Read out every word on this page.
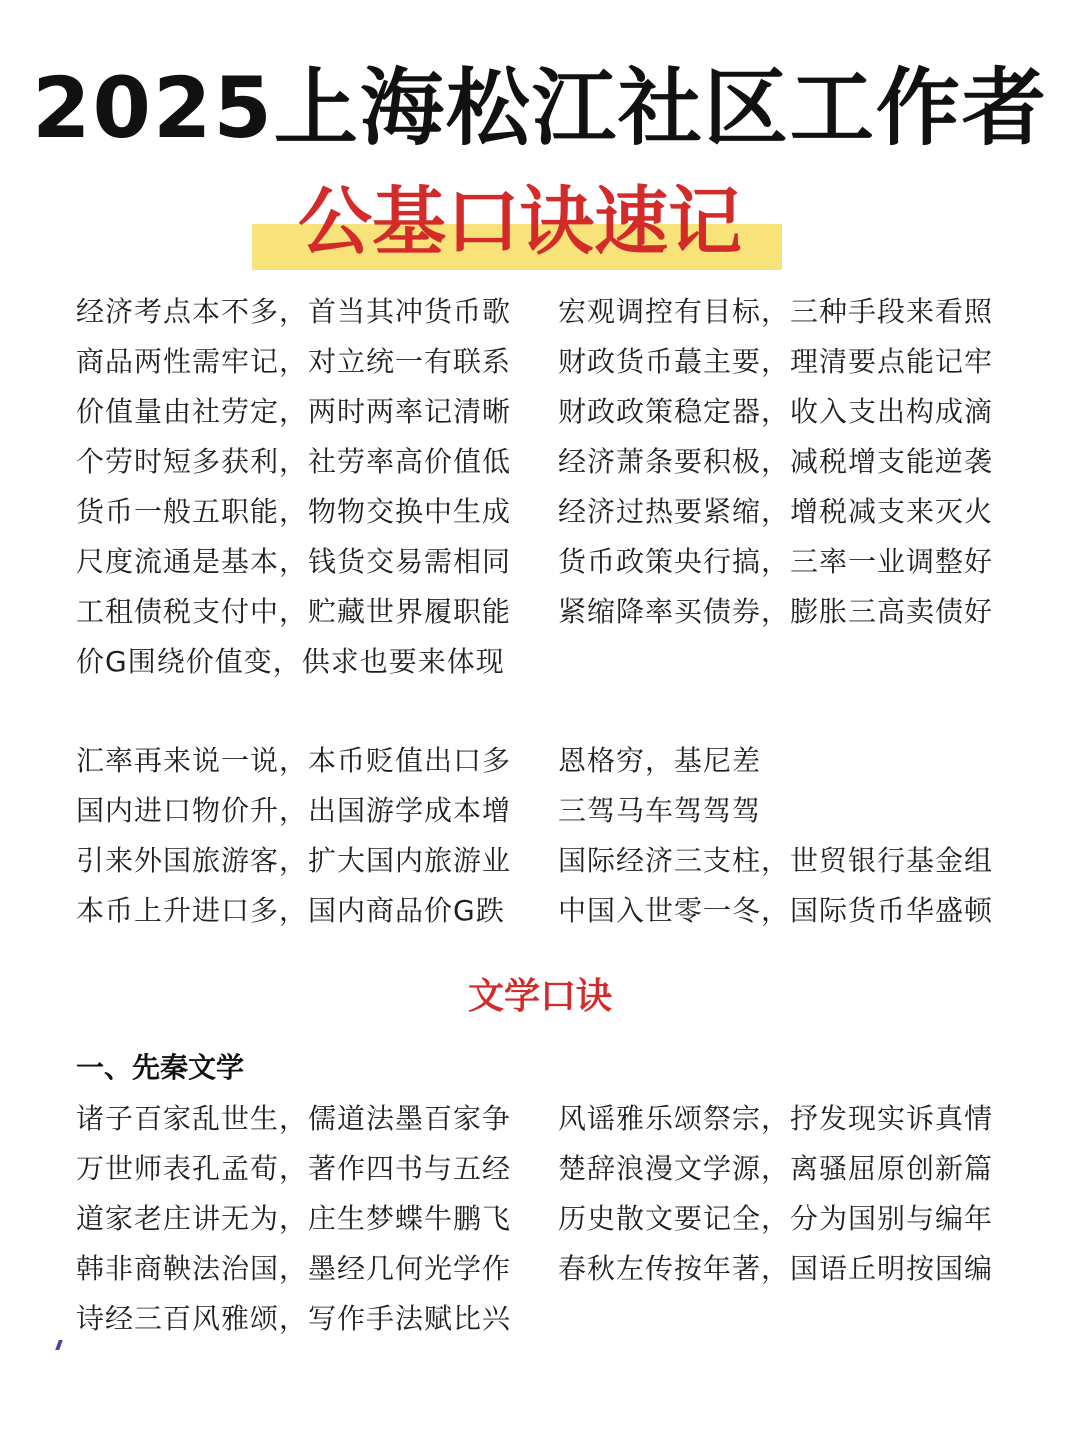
2025上海松江社区工作者
公基口诀速记
经济考点本不多，首当其冲货币歌
商品两性需牢记，对立统一有联系
价值量由社劳定，两时两率记清晰
个劳时短多获利，社劳率高价值低
货币一般五职能，物物交换中生成
尺度流通是基本，钱货交易需相同
工租债税支付中，贮藏世界履职能
价G围绕价值变，供求也要来体现
宏观调控有目标，三种手段来看照
财政货币蕞主要，理清要点能记牢
财政政策稳定器，收入支出构成滴
经济萧条要积极，减税增支能逆袭
经济过热要紧缩，增税减支来灭火
货币政策央行搞，三率一业调整好
紧缩降率买债券，膨胀三高卖债好
汇率再来说一说，本币贬值出口多
国内进口物价升，出国游学成本增
引来外国旅游客，扩大国内旅游业
本币上升进口多，国内商品价G跌
恩格穷，基尼差
三驾马车驾驾驾
国际经济三支柱，世贸银行基金组
中国入世零一冬，国际货币华盛顿
文学口诀
一、先秦文学
诸子百家乱世生，儒道法墨百家争
万世师表孔孟荀，著作四书与五经
道家老庄讲无为，庄生梦蝶牛鹏飞
韩非商鞅法治国，墨经几何光学作
诗经三百风雅颂，写作手法赋比兴
风谣雅乐颂祭宗，抒发现实诉真情
楚辞浪漫文学源，离骚屈原创新篇
历史散文要记全，分为国别与编年
春秋左传按年著，国语丘明按国编
